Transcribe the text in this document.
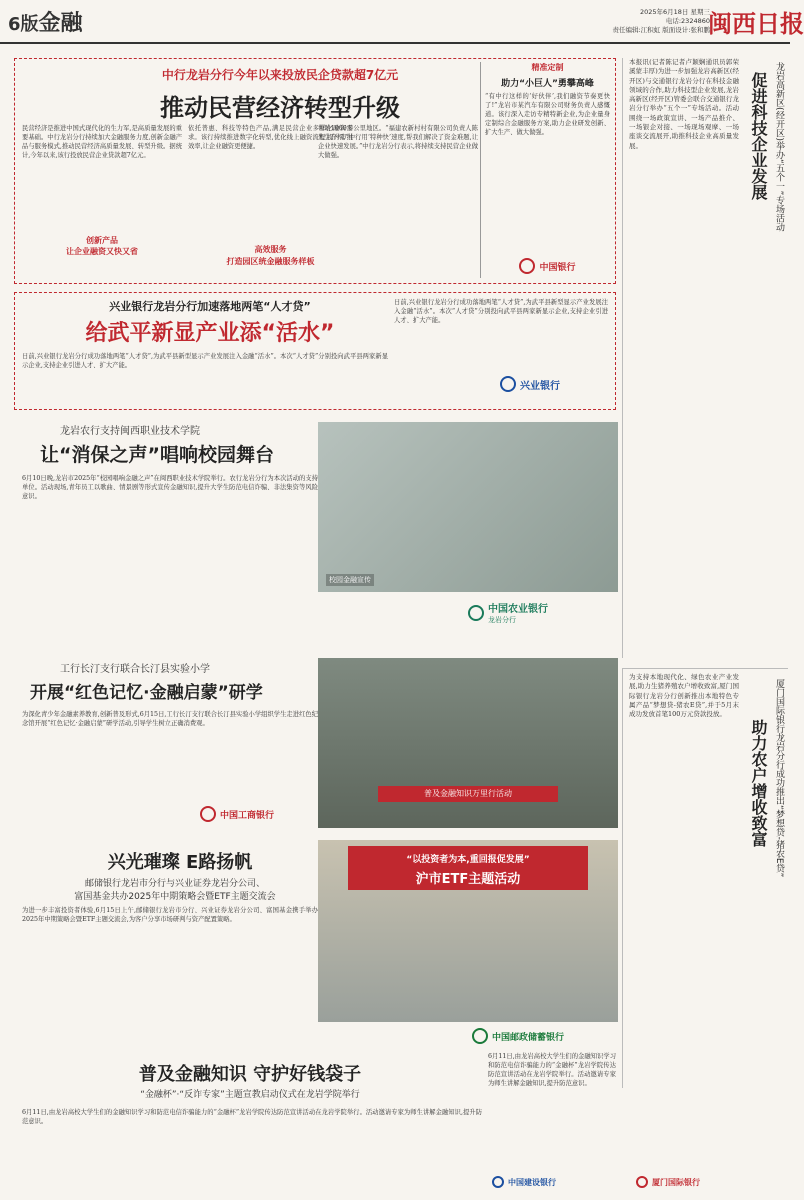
6版金融	2025年6月18日 星期三
电话:2324860
责任编辑:江积虹 版面设计:张和鹏
闽西日报
中行龙岩分行今年以来投放民企贷款超7亿元
推动民营经济转型升级
民营经济是推进中国式现代化的生力军,是高质量发展的重要基础。中行龙岩分行持续加大金融服务力度,创新金融产品与服务模式,推动民营经济高质量发展、转型升级。据统计,今年以来,该行投放民营企业贷款超7亿元。
创新产品
让企业融资又快又省
依托普惠、科技等特色产品,满足民营企业多样化融资需求。该行持续推进数字化转型,优化线上融资流程,提升审批效率,让企业融资更便捷。
高效服务
打造园区统金融服务样板
帮助1000多公里地区。“福建农新村村有限公司负责人陈先生介绍,“中行用‘特种快’速度,帮我们解决了资金难题,让企业快速发展。”中行龙岩分行表示,将持续支持民营企业做大做强。
精准定制
助力“小巨人”勇攀高峰
“有中行这样的‘好伙伴’,我们融资节奏更快了!”龙岩市某汽车有限公司财务负责人感慨道。该行深入走访专精特新企业,为企业量身定制综合金融服务方案,助力企业研发创新、扩大生产、做大做强。
中国银行
兴业银行龙岩分行加速落地两笔“人才贷”
给武平新显产业添“活水”
日前,兴业银行龙岩分行成功落地两笔“人才贷”,为武平县新型显示产业发展注入金融“活水”。本次“人才贷”分别投向武平县两家新显示企业,支持企业引进人才、扩大产能。
日前,兴业银行龙岩分行成功落地两笔“人才贷”,为武平县新型显示产业发展注入金融“活水”。本次“人才贷”分别投向武平县两家新显示企业,支持企业引进人才、扩大产能。
兴业银行
本报讯(记者陈记者卢颖娴通讯员郭荣溪蒙丰厚)为进一步加强龙岩高新区(经开区)与交通银行龙岩分行在科技金融领域的合作,助力科技型企业发展,龙岩高新区(经开区)管委会联合交通银行龙岩分行举办“五个一”专场活动。活动围绕一场政策宣讲、一场产品推介、一场银企对接、一场现场观摩、一场座谈交流展开,助推科技企业高质量发展。	龙岩高新区(经开区)举办“五个一”专场活动
促进科技企业发展
龙岩农行支持闽西职业技术学院
让“消保之声”唱响校园舞台
6月10日晚,龙岩市2025年“校园唱响金融之声”在闽西职业技术学院举行。农行龙岩分行为本次活动的支持单位。活动现场,青年员工以歌曲、情景剧等形式宣传金融知识,提升大学生防范电信诈骗、非法集资等风险意识。
校园金融宣传
中国农业银行
龙岩分行
工行长汀支行联合长汀县实验小学
开展“红色记忆·金融启蒙”研学
为深化青少年金融素养教育,创新普及形式,6月15日,工行长汀支行联合长汀县实验小学组织学生走进红色纪念馆开展“红色记忆·金融启蒙”研学活动,引导学生树立正确消费观。
普及金融知识万里行活动
中国工商银行
兴光璀璨 E路扬帆
邮储银行龙岩市分行与兴业证券龙岩分公司、
富国基金共办2025年中期策略会暨ETF主题交流会
为进一步丰富投资者体验,6月15日上午,邮储银行龙岩市分行、兴业证券龙岩分公司、富国基金携手举办2025年中期策略会暨ETF主题交流会,为客户分享市场研判与资产配置策略。
“以投资者为本,重回报促发展”
沪市ETF主题活动
中国邮政储蓄银行
为支持本地现代化、绿色农业产业发展,助力生猪养殖农户增收致富,厦门国际银行龙岩分行创新推出本地特色专属产品“梦想贷-猪农E贷”,并于5月末成功发放首笔100万元贷款投放。	厦门国际银行龙岩分行成功推出“梦想贷-猪农E贷”
助力农户增收致富
普及金融知识 守护好钱袋子
“金融杯”·“反诈专家”主题宣教启动仪式在龙岩学院举行
6月11日,由龙岩高校大学生们的金融知识学习和防范电信诈骗能力的“金融杯”龙岩学院传达防范宣讲活动在龙岩学院举行。活动邀请专家为师生讲解金融知识,提升防范意识。
6月11日,由龙岩高校大学生们的金融知识学习和防范电信诈骗能力的“金融杯”龙岩学院传达防范宣讲活动在龙岩学院举行。活动邀请专家为师生讲解金融知识,提升防范意识。
中国建设银行	厦门国际银行
